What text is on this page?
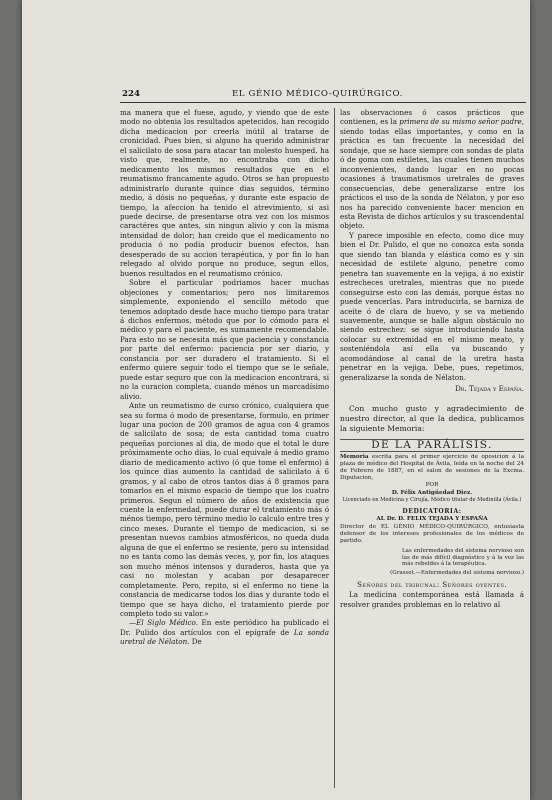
224	EL GÉNIO MÉDICO-QUIRÚRGICO.

ma manera que el fuese, agudo, y viendo que de este modo no obtenia los resultados apetecidos, han recogido dicha medicacion por creerla inútil al tratarse de cronicidad. Pues bien, si alguno ha querido administrar el salicilato de sosa para atacar tan molesto huesped, ha visto que, realmente, no encontraba con dicho medicamento los mismos resultados que en el reumatismo francamente agudo. Otros se han propuesto administrarlo durante quince dias seguidos, término medio, á dósis no pequeñas, y durante este espacio de tiempo, la afeccion ha tenido el atrevimiento, si asi puede decirse, de presentarse otra vez con los mismos caractéres que antes, sin ningun alivio y con la misma intensidad de dolor; han creido que el medicamento no producia ó no podia producir buenos efectos, han desesperado de su accion terapéutica, y por fin lo han relegado al olvido porque no produce, segun ellos, buenos resultados en el reumatismo crónico.

Sobre el particular podriamos hacer muchas objeciones y comentarios; pero nos limitaremos simplemente, exponiendo el sencillo método que tenemos adoptado desde hace mucho tiempo para tratar á dichos enfermos, método que por lo cómodo para el médico y para el paciente, es sumamente recomendable. Para esto no se necesita más que paciencia y constancia por parte del enfermo: paciencia por ser diario, y constancia por ser duradero el tratamiento. Si el enfermo quiere seguir todo el tiempo que se le señale, puede estar seguro que con la medicacion encontrará, si no la curacion completa, cuando ménos un marcadísimo alivio.

Ante un reumatismo de curso crónico, cualquiera que sea su forma ó modo de presentarse, formulo, en primer lugar una pocion de 200 gramos de agua con 4 gramos de salicilato de sosa; de esta cantidad toma cuatro pequeñas porciones al dia, de modo que el total le dure próximamente ocho dias, lo cual equivale á medio gramo diario de medicamento activo (ó que tome el enfermo) á los quince dias aumento la cantidad de salicilato á 6 gramos, y al cabo de otros tantos dias á 8 gramos para tomarlos en el mismo espacio de tiempo que los cuatro primeros. Segun el número de años de existencia que cuente la enfermedad, puede durar el tratamiento más ó ménos tiempo, pero término medio lo calculo entre tres y cinco meses. Durante el tiempo de medicacion, si se presentan nuevos cambios atmosféricos, no queda duda alguna de que el enfermo se resiente, pero su intensidad no es tanta como las demás veces, y, por fin, los ataques son mucho ménos intensos y duraderos, hasta que ya casi no molestan y acaban por desaparecer completamente. Pero, repito, si el enfermo no tiene la constancia de medicarse todos los dias y durante todo el tiempo que se haya dicho, el tratamiento pierde por completo todo su valor.»

—El Siglo Médico. En este periódico ha publicado el Dr. Pulido dos artículos con el epígrafe de La sonda uretral de Nélaton. De

las observaciones ó casos prácticos que contienen, es la primera de su mismo señor padre, siendo todas ellas importantes, y como en la práctica es tan frecuente la necesidad del sondaje, que se hace siempre con sondas de plata ó de goma con estiletes, las cuales tienen muchos inconvenientes, dando lugar en no pocas ocasiones á traumatismos uretrales de graves consecuencias, debe generalizarse entre los prácticos el uso de la sonda de Nélaton, y por eso nos ha parecido conveniente hacer mencion en esta Revista de dichos artículos y su trascendental objeto.

Y parece imposible en efecto, como dice muy bien el Dr. Pulido, el que no conozca esta sonda que siendo tan blanda y elástica como es y sin necesidad de estilete alguno, penetre como penetra tan suavemente en la vejiga, á no existir estrecheces uretrales, mientras que no puede conseguirse esto con las demás, porque éstas no puede vencerlas. Para introducirla, se barniza de aceite ó de clara de huevo, y se va metiendo suavemente, aunque se halle algun obstáculo no siendo estrechez: se sigue introduciendo hasta colocar su extremidad en el mismo meato, y sosteniéndola así ella va buscando y acomodándose al canal de la uretra hasta penetrar en la vejiga. Debe, pues, repetimos, generalizarse la sonda de Nélaton.

Dr. Tejada y España.

Con mucho gusto y agradecimiento de nuestro director, al que la dedica, publicamos la siguiente Memoria:

DE LA PARÁLISIS.

Memoria escrita para el primer ejercicio de oposicion á la plaza de médico del Hospital de Ávila, leida en la noche del 24 de Febrero de 1887, en el salon de sesiones de la Excma. Diputacion,

POR

D. Félix Antigüedad Diez.

Licenciado en Medicina y Cirujía, Médico titular de Medinilla (Ávila.)

DEDICATORIA:

AL Dr. D. FELIX TEJADA Y ESPAÑA

Director de EL GÉNIO MÉDICO-QUIRÚRGICO, entusiasta defensor de los intereses profesionales de los médicos de partido.

Las enfermedades del sistema nervioso son las de más difícil diagnóstico y á la vez las más rebeldes á la terapéutica.

(Grasset.—Enfermedades del sistema nervioso.)

Señores del tribunal: Señores oyentes.

La medicina contemporánea está llamada á resolver grandes problemas en lo relativo al
